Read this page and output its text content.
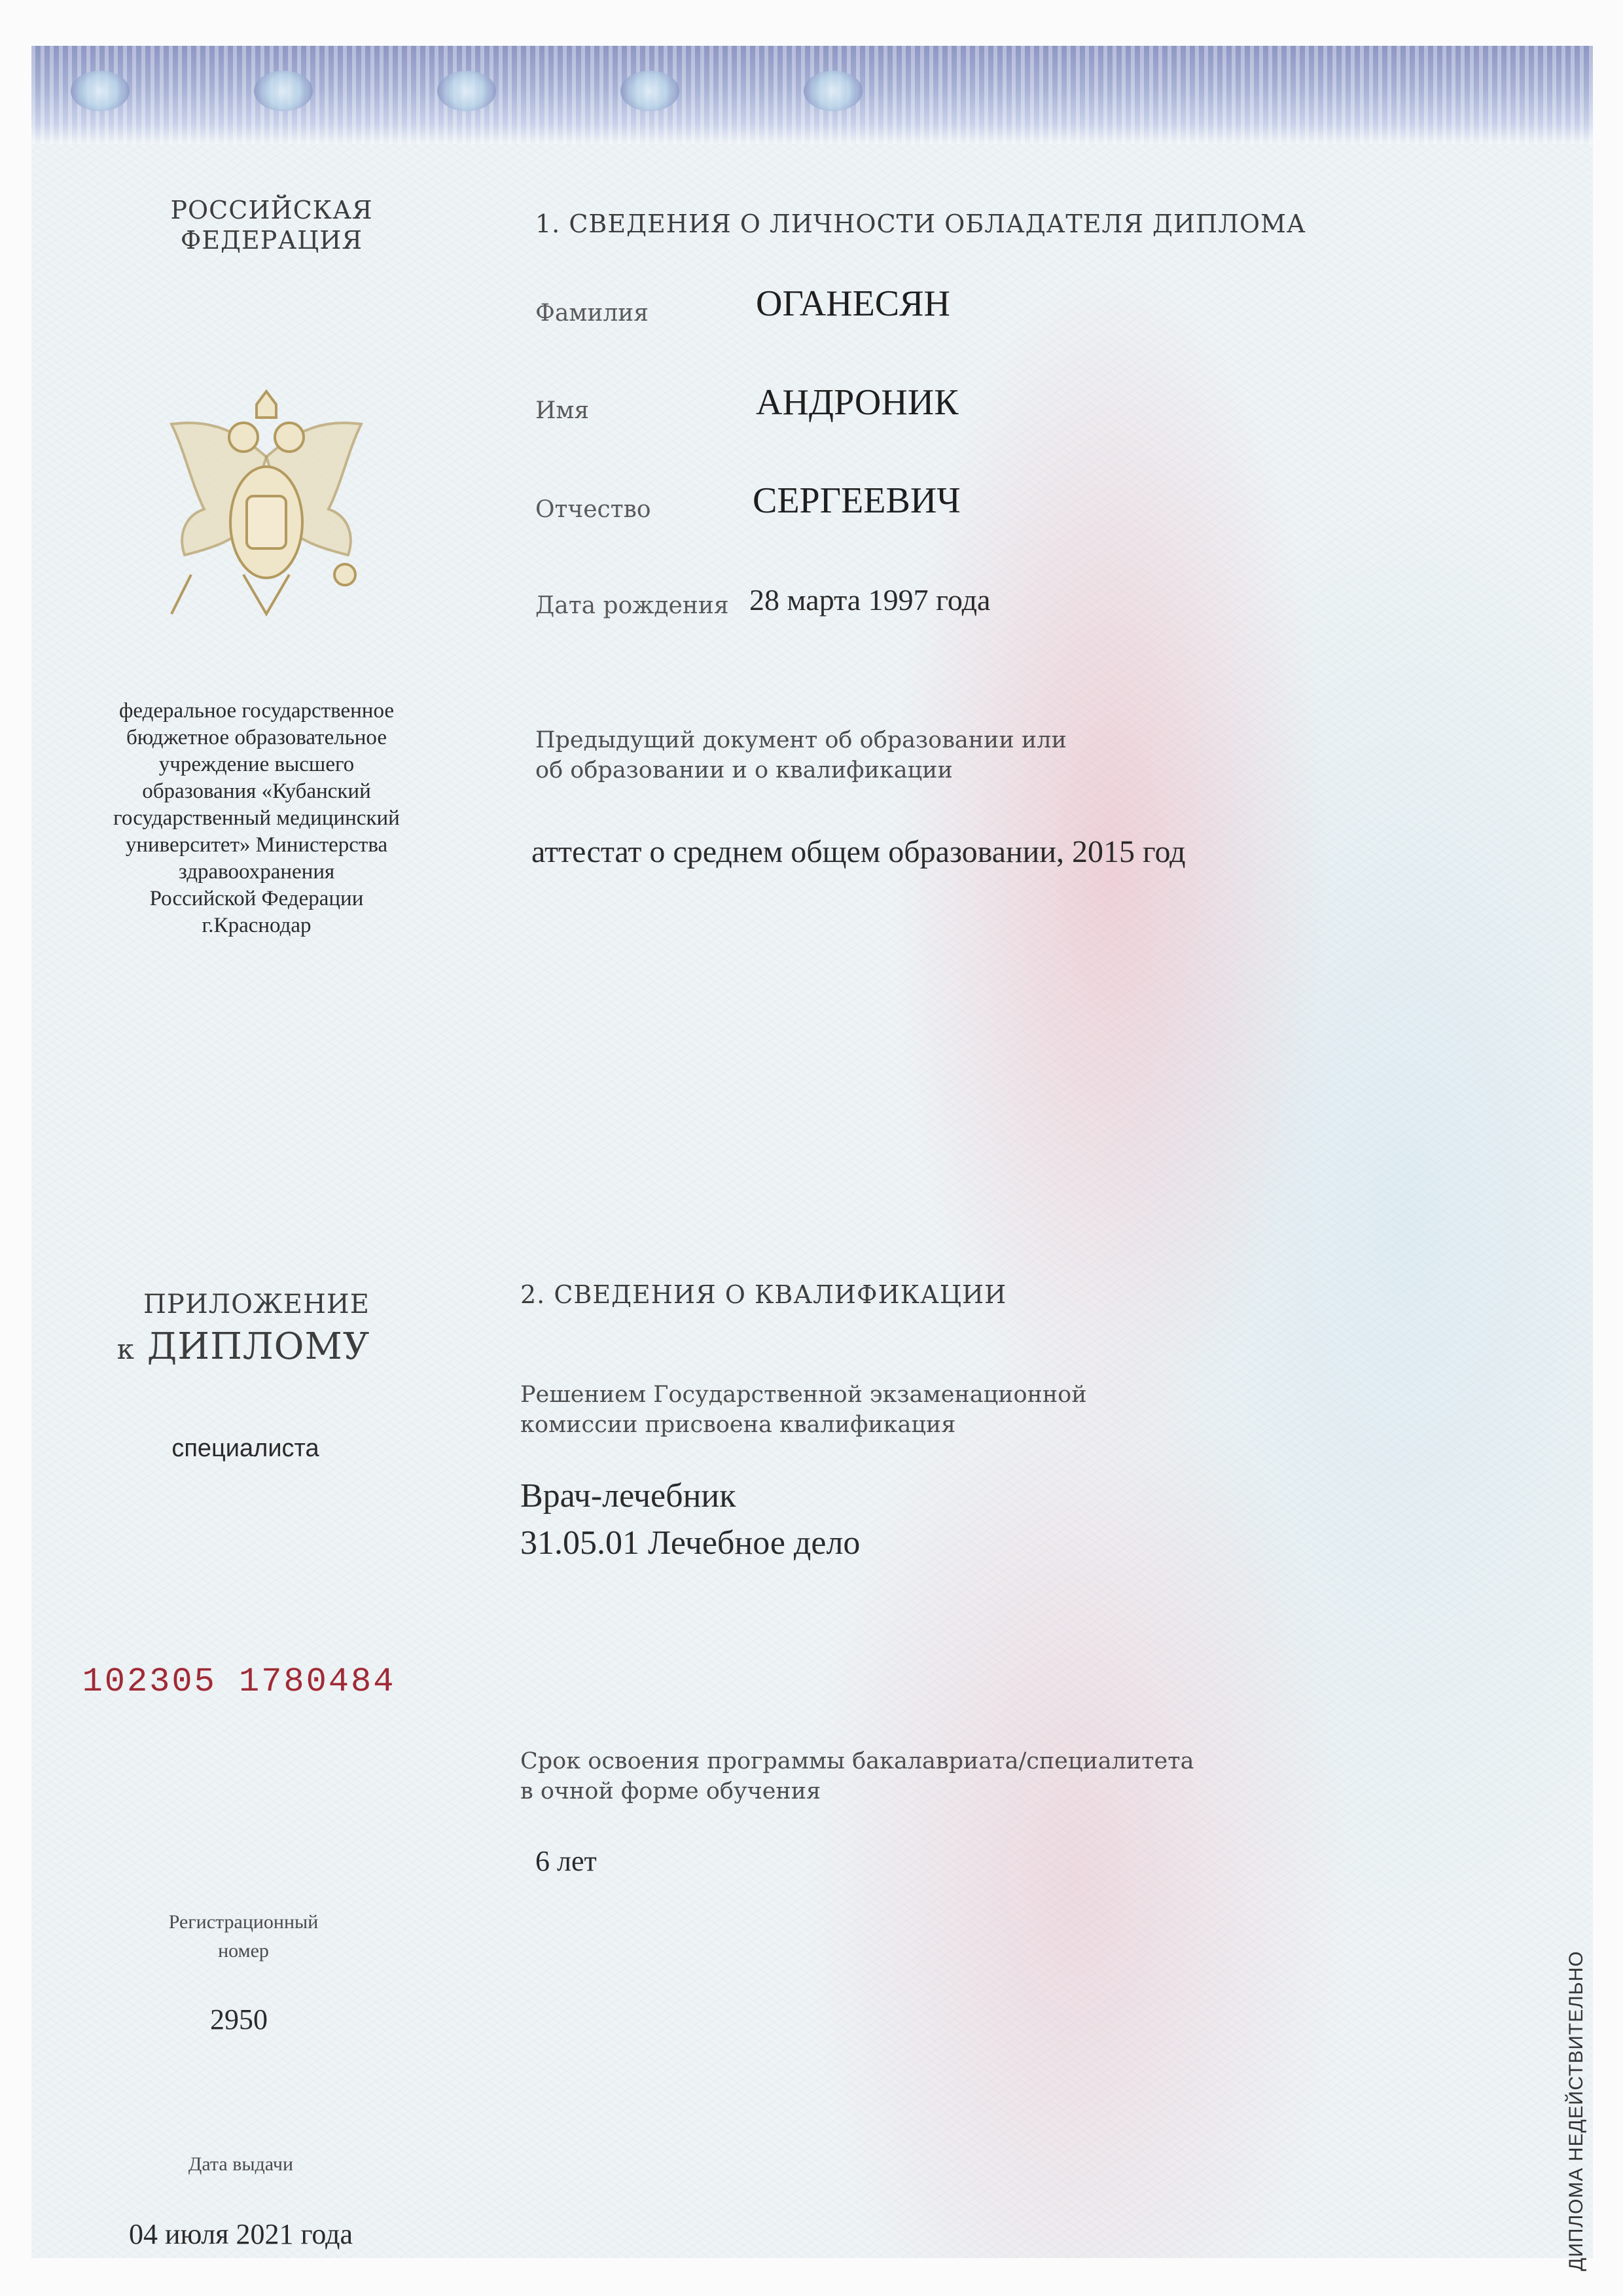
РОССИЙСКАЯ
ФЕДЕРАЦИЯ
федеральное государственное
бюджетное образовательное
учреждение высшего
образования «Кубанский
государственный медицинский
университет» Министерства
здравоохранения
Российской Федерации
г.Краснодар
ПРИЛОЖЕНИЕ
к ДИПЛОМУ
специалиста
102305 1780484
Регистрационный
номер
2950
Дата выдачи
04 июля 2021 года
1. СВЕДЕНИЯ О ЛИЧНОСТИ ОБЛАДАТЕЛЯ ДИПЛОМА
Фамилия	ОГАНЕСЯН
Имя	АНДРОНИК
Отчество	СЕРГЕЕВИЧ
Дата рождения 28 марта 1997 года
Предыдущий документ об образовании или
об образовании и о квалификации
аттестат о среднем общем образовании, 2015 год
2. СВЕДЕНИЯ О КВАЛИФИКАЦИИ
Решением Государственной экзаменационной
комиссии присвоена квалификация
Врач-лечебник
31.05.01 Лечебное дело
Срок освоения программы бакалавриата/специалитета
в очной форме обучения
6 лет
ДИПЛОМА НЕДЕЙСТВИТЕЛЬНО
